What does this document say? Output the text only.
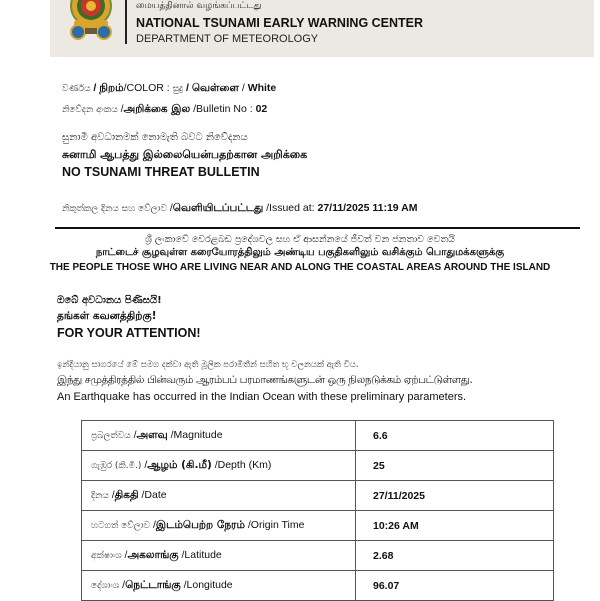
மையத்தினால் வழங்கப்பட்டது
NATIONAL TSUNAMI EARLY WARNING CENTER
DEPARTMENT OF METEOROLOGY
වර්ණය / நிறம்/COLOR : සුදු / வெள்ளை / White
නිවේදන අංකය /அறிக்கை இல /Bulletin No : 02
සුනාමි අවධානමක් නොමැති බවට නිවේදනය
சுனாமி ஆபத்து இல்லையென்பதற்கான அறிக்கை
NO TSUNAMI THREAT BULLETIN
නිකුත්කල දිනය සහ වේලාව /வெளியிடப்பட்டது /Issued at: 27/11/2025 11:19 AM
ශ්‍රී ලංකාවේ වෙරළබඩ ප්‍රදේශවල සහ ඒ ආසන්නයේ ජීවත් වන ජනතාව වෙතයි
நாட்டைச் சூழவுள்ள கரையோரத்திலும் அண்டிய பகுதிகளிலும் வசிக்கும் பொதுமக்களுக்கு
THE PEOPLE THOSE WHO ARE LIVING NEAR AND ALONG THE COASTAL AREAS AROUND THE ISLAND
ඔබේ අවධානය පිණිසයි!
தங்கள் கவனத்திற்கு!
FOR YOUR ATTENTION!
ඉන්දියානු සාගරයේ මේ සමග දක්වා ඇති මූලික පරාමිතීන් සහිත භූ චලනයක් ඇති විය.
இந்து சமுத்திரத்தில் பின்வரும் ஆரம்பப் பரமாணங்களுடன் ஒரு நிலநடுக்கம் ஏற்பட்டுள்ளது.
An Earthquake has occurred in the Indian Ocean with these preliminary parameters.
ප්‍රබලත්වය /அளவு /Magnitude	6.6
ගැඹුර (කි.මී.) /ஆழம் (கி.மீ) /Depth (Km)	25
දිනය /திகதி /Date	27/11/2025
හටගත් වේලාව /இடம்பெற்ற நேரம் /Origin Time	10:26 AM
අක්ෂාංශ /அகலாங்கு /Latitude	2.68
දේශාංශ /நெட்டாங்கு /Longitude	96.07
